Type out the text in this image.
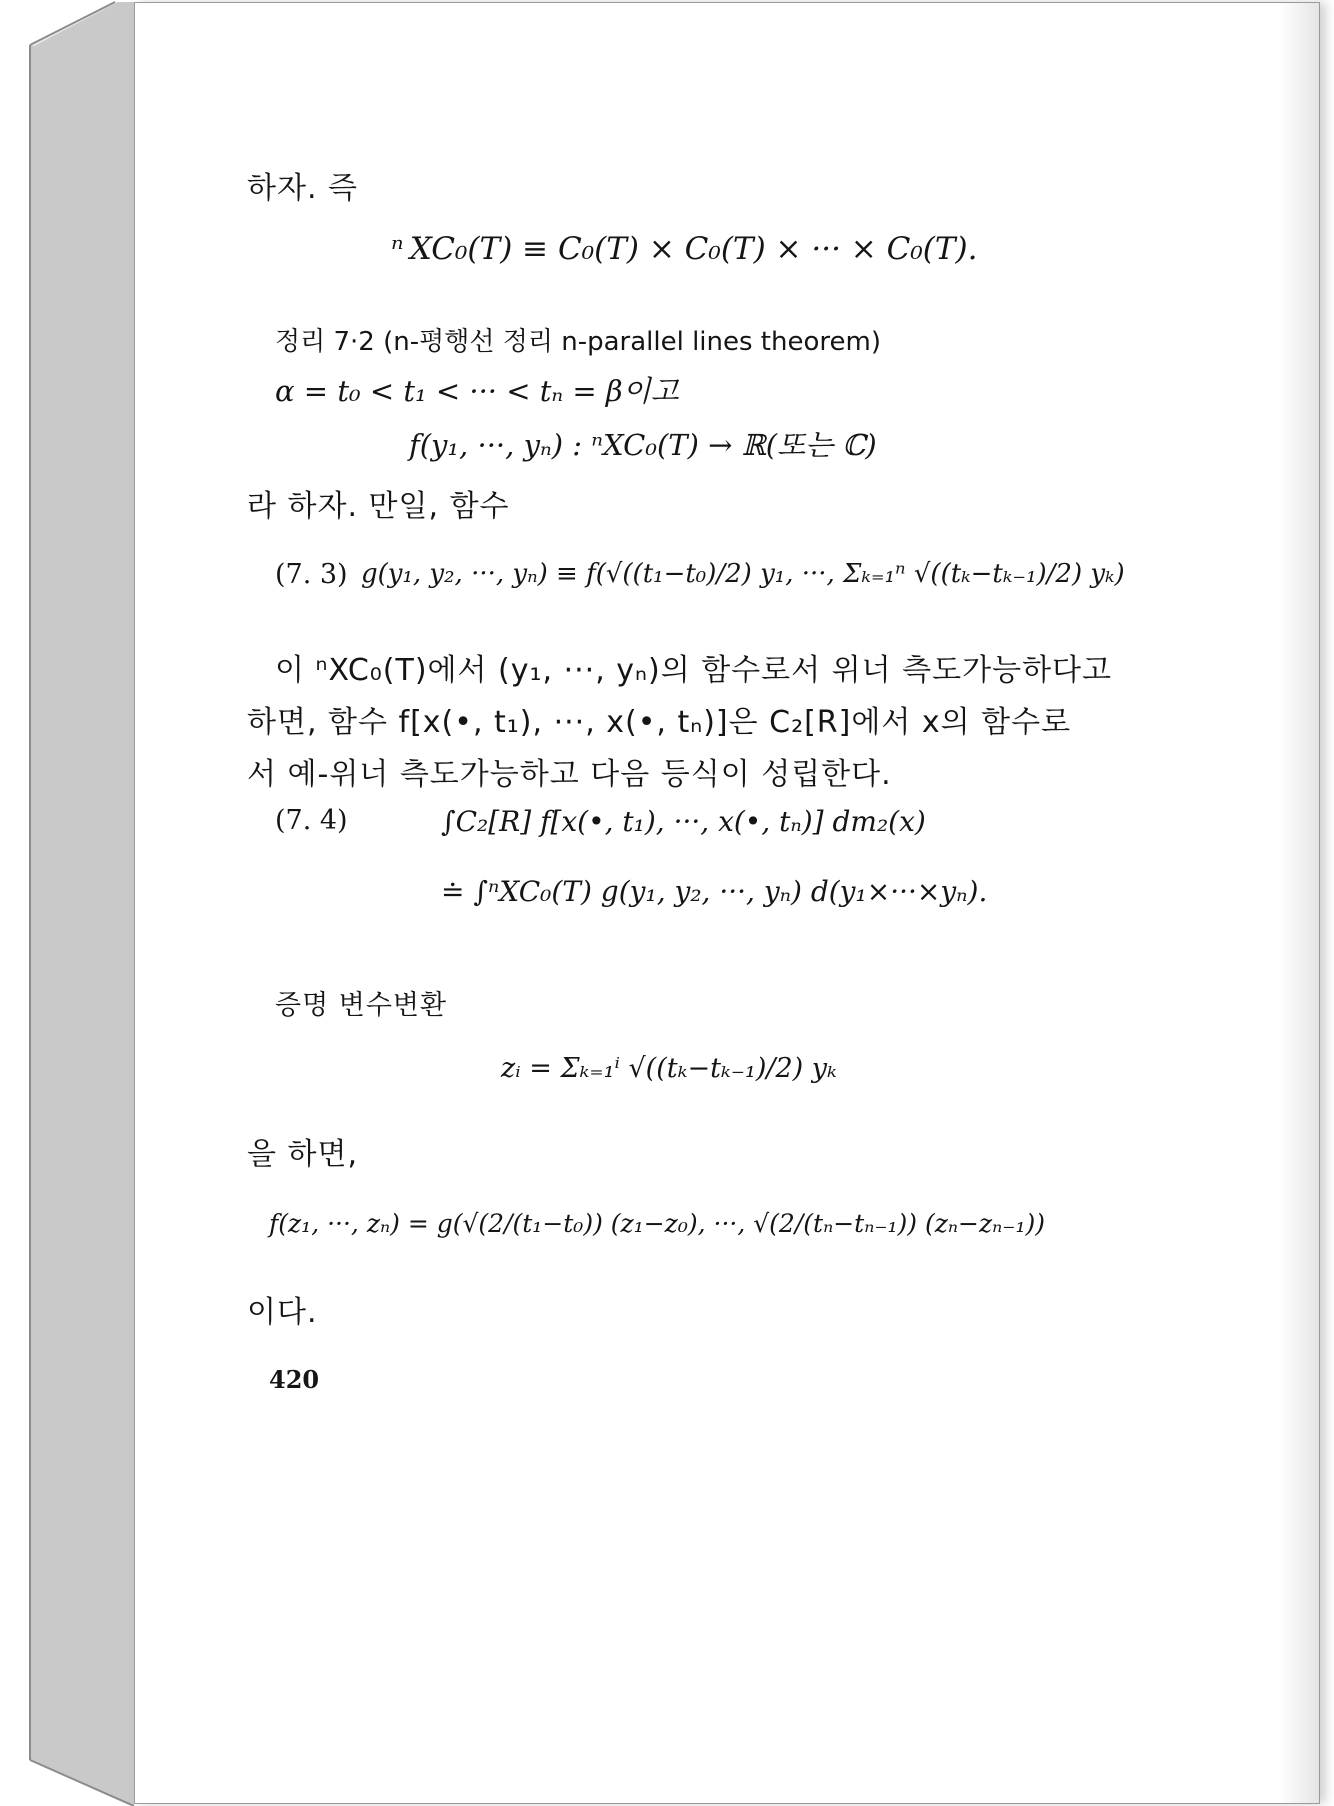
하자. 즉
ⁿ XC₀(T) ≡ C₀(T) × C₀(T) × ··· × C₀(T).
정리 7·2 (n-평행선 정리 n-parallel lines theorem)
α = t₀ < t₁ < ··· < tₙ = β이고
f(y₁, ···, yₙ) : ⁿXC₀(T) → ℝ(또는 ℂ)
라 하자. 만일, 함수
(7. 3) g(y₁, y₂, ···, yₙ) ≡ f(√((t₁−t₀)/2) y₁, ···, Σₖ₌₁ⁿ √((tₖ−tₖ₋₁)/2) yₖ)
이 ⁿXC₀(T)에서 (y₁, ···, yₙ)의 함수로서 위너 측도가능하다고
하면, 함수 f[x(•, t₁), ···, x(•, tₙ)]은 C₂[R]에서 x의 함수로
서 예-위너 측도가능하고 다음 등식이 성립한다.
(7. 4)	∫C₂[R] f[x(•, t₁), ···, x(•, tₙ)] dm₂(x)
≐ ∫ⁿXC₀(T) g(y₁, y₂, ···, yₙ) d(y₁×···×yₙ).
증명 변수변환
zᵢ = Σₖ₌₁ⁱ √((tₖ−tₖ₋₁)/2) yₖ
을 하면,
f(z₁, ···, zₙ) = g(√(2/(t₁−t₀)) (z₁−z₀), ···, √(2/(tₙ−tₙ₋₁)) (zₙ−zₙ₋₁))
이다.
420
